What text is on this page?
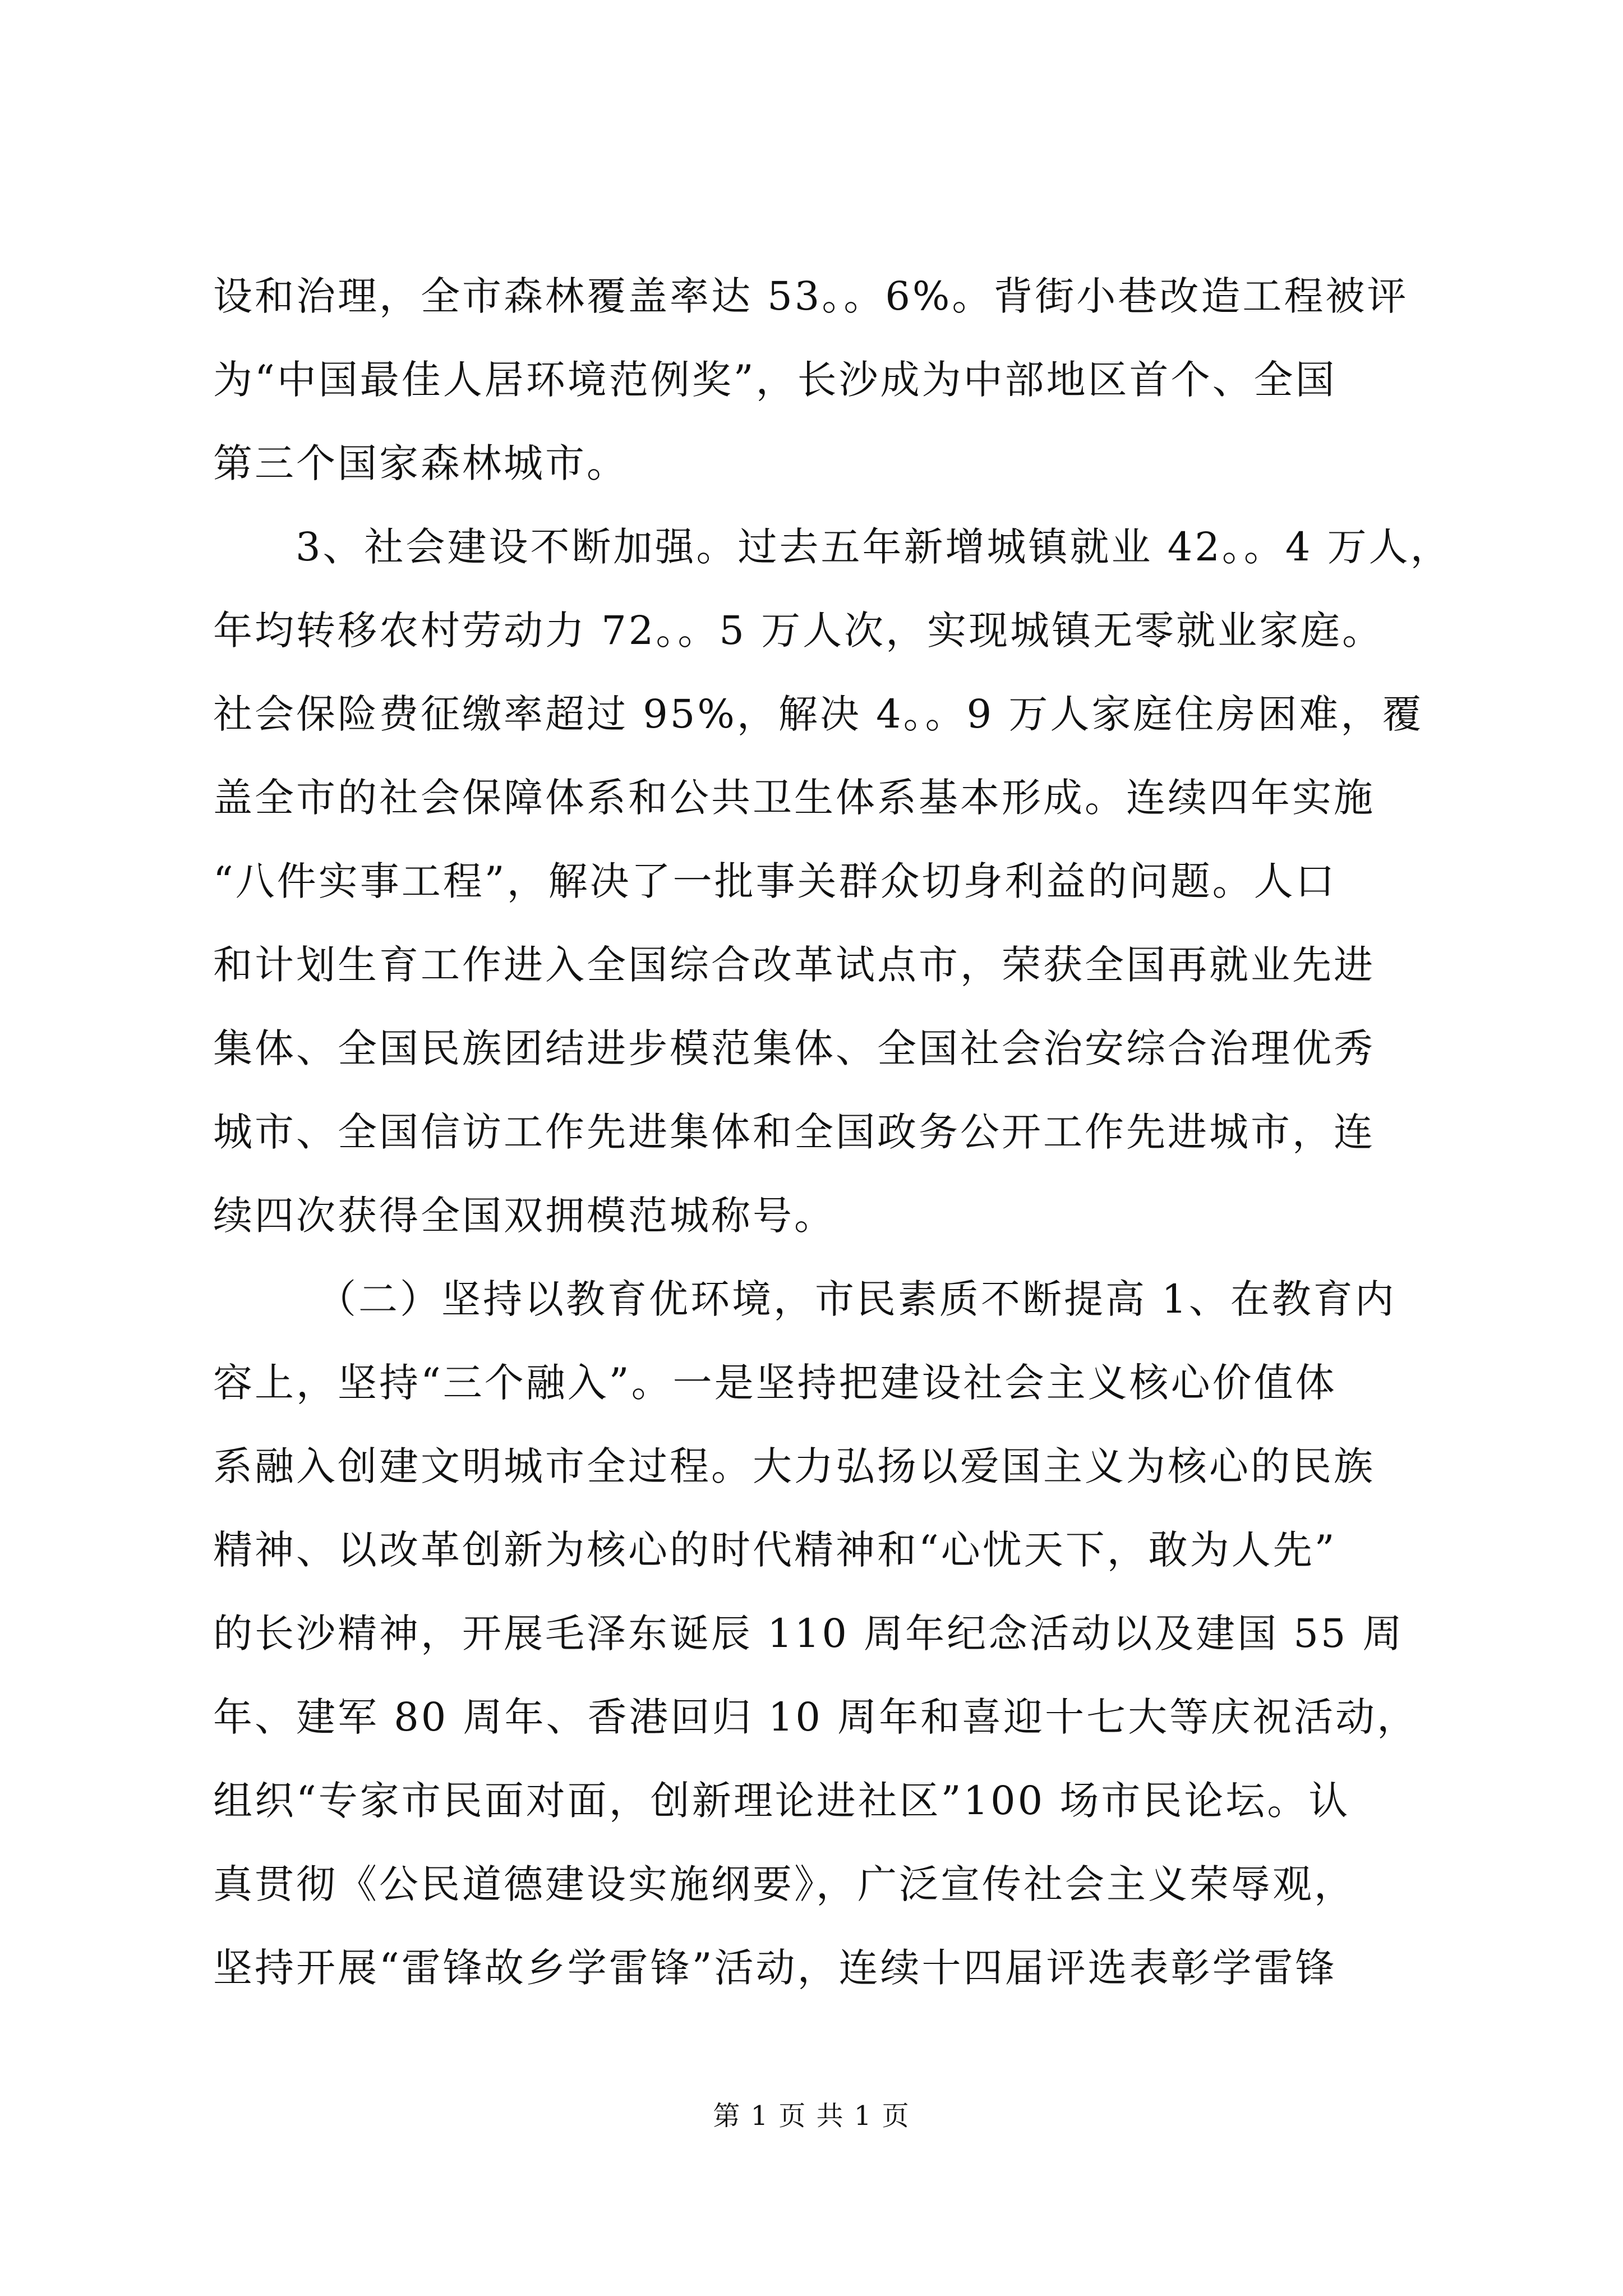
设和治理，全市森林覆盖率达 53。。6%。背街小巷改造工程被评
为“中国最佳人居环境范例奖”，长沙成为中部地区首个、全国
第三个国家森林城市。
3、社会建设不断加强。过去五年新增城镇就业 42。。4 万人，
年均转移农村劳动力 72。。5 万人次，实现城镇无零就业家庭。
社会保险费征缴率超过 95%，解决 4。。9 万人家庭住房困难，覆
盖全市的社会保障体系和公共卫生体系基本形成。连续四年实施
“八件实事工程”，解决了一批事关群众切身利益的问题。人口
和计划生育工作进入全国综合改革试点市，荣获全国再就业先进
集体、全国民族团结进步模范集体、全国社会治安综合治理优秀
城市、全国信访工作先进集体和全国政务公开工作先进城市，连
续四次获得全国双拥模范城称号。
（二）坚持以教育优环境，市民素质不断提高 1、在教育内
容上，坚持“三个融入”。一是坚持把建设社会主义核心价值体
系融入创建文明城市全过程。大力弘扬以爱国主义为核心的民族
精神、以改革创新为核心的时代精神和“心忧天下，敢为人先”
的长沙精神，开展毛泽东诞辰 110 周年纪念活动以及建国 55 周
年、建军 80 周年、香港回归 10 周年和喜迎十七大等庆祝活动，
组织“专家市民面对面，创新理论进社区”100 场市民论坛。认
真贯彻《公民道德建设实施纲要》，广泛宣传社会主义荣辱观，
坚持开展“雷锋故乡学雷锋”活动，连续十四届评选表彰学雷锋
第 1 页 共 1 页
